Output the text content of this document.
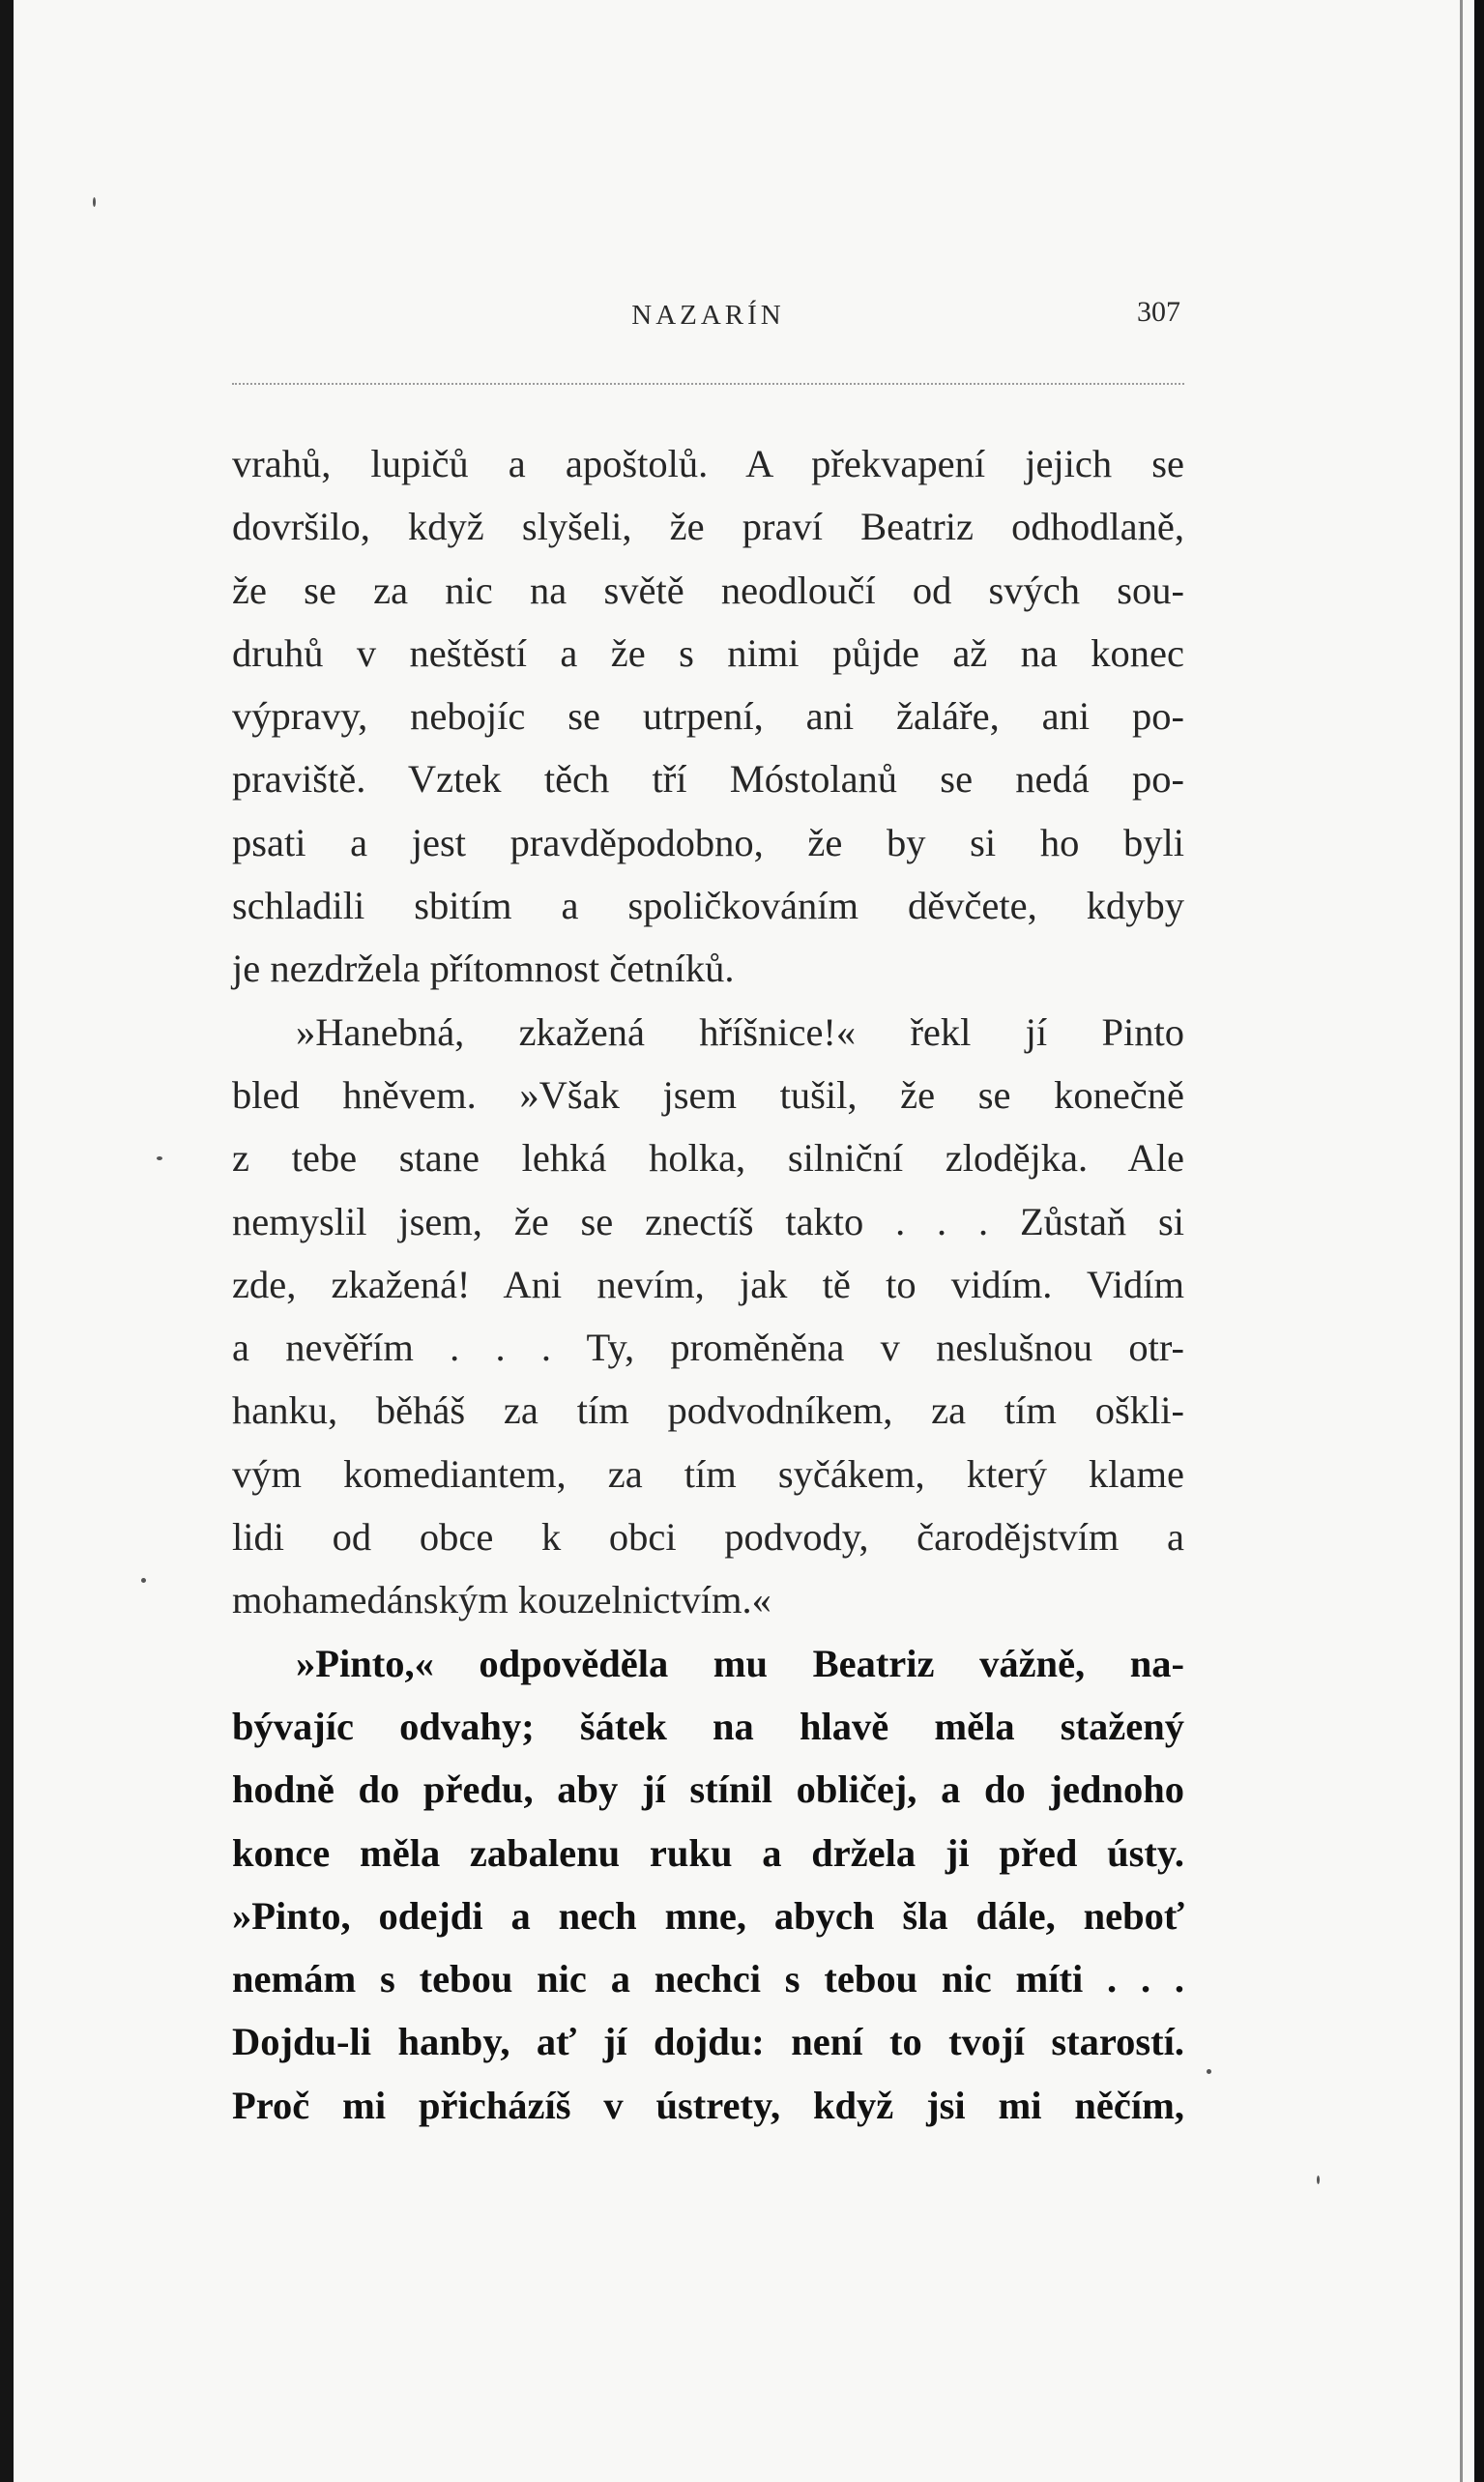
NAZARÍN	307
vrahů, lupičů a apoštolů. A překvapení jejich se
dovršilo, když slyšeli, že praví Beatriz odhodlaně,
že se za nic na světě neodloučí od svých sou-
druhů v neštěstí a že s nimi půjde až na konec
výpravy, nebojíc se utrpení, ani žaláře, ani po-
praviště. Vztek těch tří Móstolanů se nedá po-
psati a jest pravděpodobno, že by si ho byli
schladili sbitím a spoličkováním děvčete, kdyby
je nezdržela přítomnost četníků.
»Hanebná, zkažená hříšnice!« řekl jí Pinto
bled hněvem. »Však jsem tušil, že se konečně
z tebe stane lehká holka, silniční zlodějka. Ale
nemyslil jsem, že se znectíš takto . . . Zůstaň si
zde, zkažená! Ani nevím, jak tě to vidím. Vidím
a nevěřím . . . Ty, proměněna v neslušnou otr-
hanku, běháš za tím podvodníkem, za tím oškli-
vým komediantem, za tím syčákem, který klame
lidi od obce k obci podvody, čarodějstvím a
mohamedánským kouzelnictvím.«
»Pinto,« odpověděla mu Beatriz vážně, na-
bývajíc odvahy; šátek na hlavě měla stažený
hodně do předu, aby jí stínil obličej, a do jednoho
konce měla zabalenu ruku a držela ji před ústy.
»Pinto, odejdi a nech mne, abych šla dále, neboť
nemám s tebou nic a nechci s tebou nic míti . . .
Dojdu-li hanby, ať jí dojdu: není to tvojí starostí.
Proč mi přicházíš v ústrety, když jsi mi něčím,
